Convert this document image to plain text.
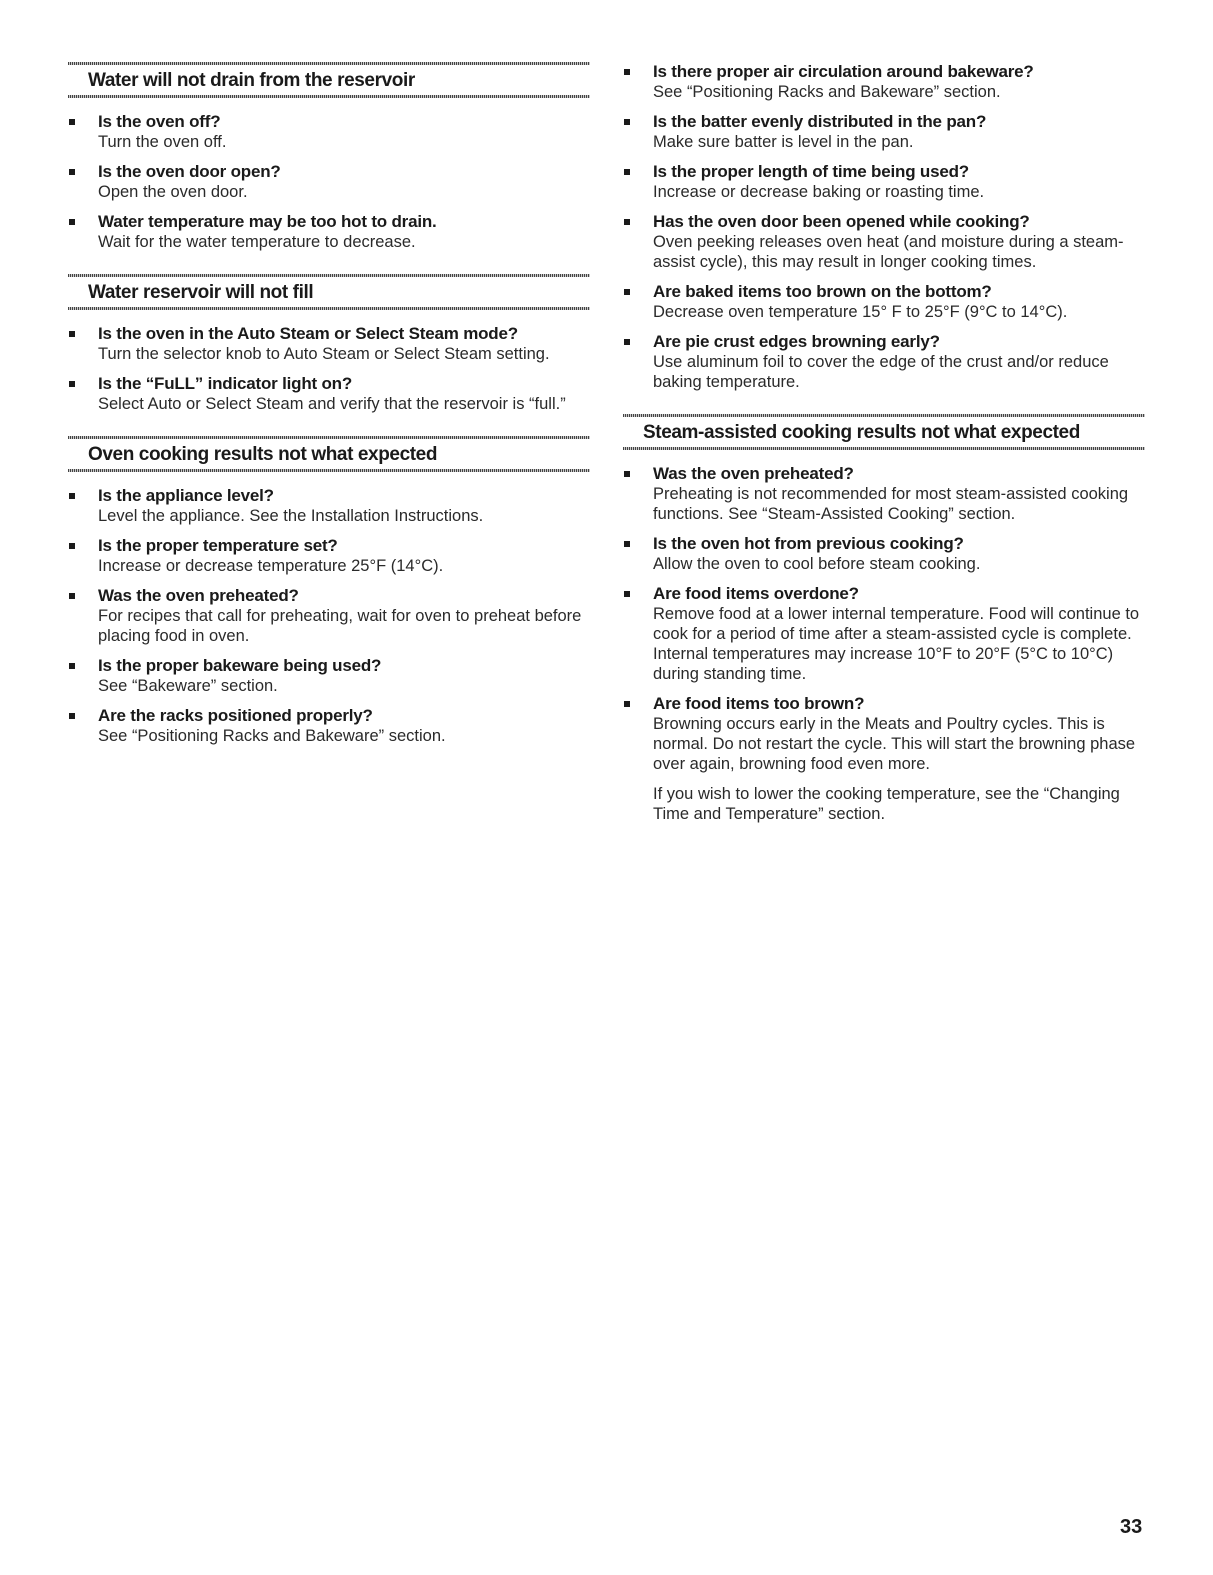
Water will not drain from the reservoir
Is the oven off?
Turn the oven off.
Is the oven door open?
Open the oven door.
Water temperature may be too hot to drain.
Wait for the water temperature to decrease.
Water reservoir will not fill
Is the oven in the Auto Steam or Select Steam mode?
Turn the selector knob to Auto Steam or Select Steam setting.
Is the “FuLL” indicator light on?
Select Auto or Select Steam and verify that the reservoir is “full.”
Oven cooking results not what expected
Is the appliance level?
Level the appliance. See the Installation Instructions.
Is the proper temperature set?
Increase or decrease temperature 25°F (14°C).
Was the oven preheated?
For recipes that call for preheating, wait for oven to preheat before placing food in oven.
Is the proper bakeware being used?
See “Bakeware” section.
Are the racks positioned properly?
See “Positioning Racks and Bakeware” section.
Is there proper air circulation around bakeware?
See “Positioning Racks and Bakeware” section.
Is the batter evenly distributed in the pan?
Make sure batter is level in the pan.
Is the proper length of time being used?
Increase or decrease baking or roasting time.
Has the oven door been opened while cooking?
Oven peeking releases oven heat (and moisture during a steam-assist cycle), this may result in longer cooking times.
Are baked items too brown on the bottom?
Decrease oven temperature 15° F to 25°F (9°C to 14°C).
Are pie crust edges browning early?
Use aluminum foil to cover the edge of the crust and/or reduce baking temperature.
Steam-assisted cooking results not what expected
Was the oven preheated?
Preheating is not recommended for most steam-assisted cooking functions. See “Steam-Assisted Cooking” section.
Is the oven hot from previous cooking?
Allow the oven to cool before steam cooking.
Are food items overdone?
Remove food at a lower internal temperature. Food will continue to cook for a period of time after a steam-assisted cycle is complete. Internal temperatures may increase 10°F to 20°F (5°C to 10°C) during standing time.
Are food items too brown?
Browning occurs early in the Meats and Poultry cycles. This is normal. Do not restart the cycle. This will start the browning phase over again, browning food even more.
If you wish to lower the cooking temperature, see the “Changing Time and Temperature” section.
33
